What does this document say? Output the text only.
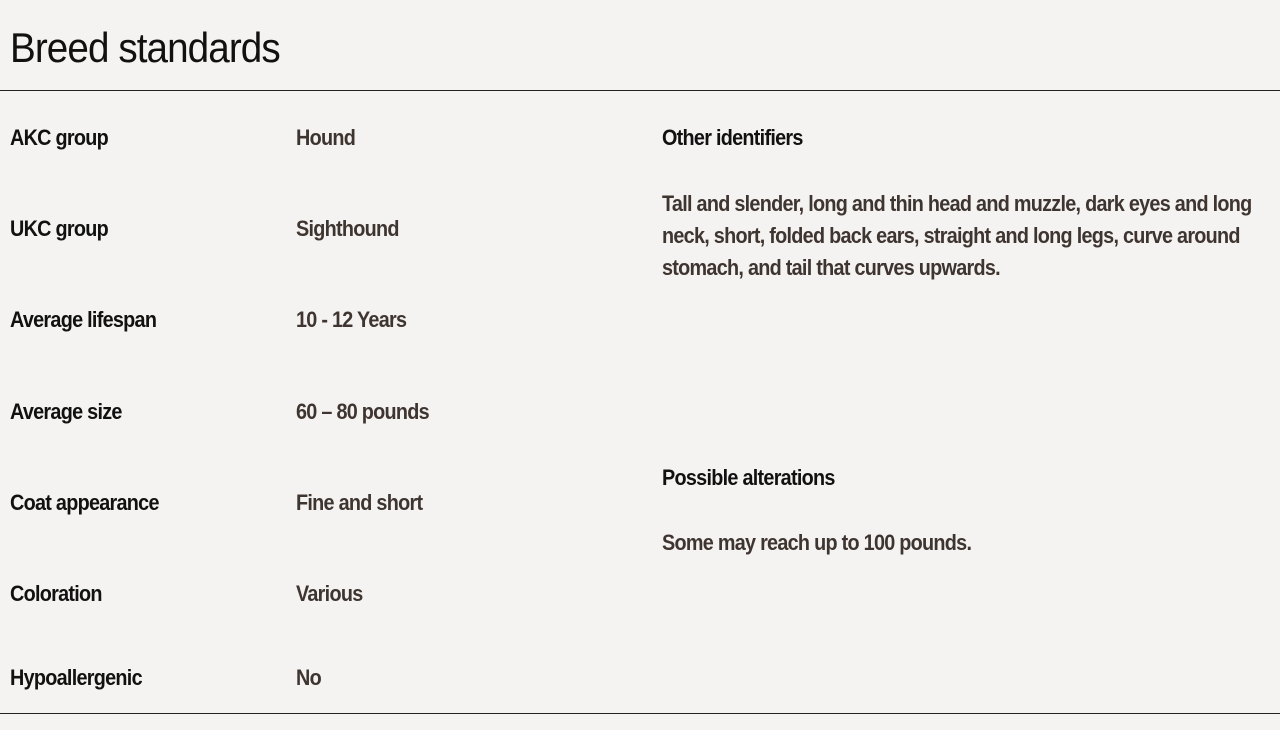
Breed standards
AKC group	Hound
UKC group	Sighthound
Average lifespan	10 - 12 Years
Average size	60 – 80 pounds
Coat appearance	Fine and short
Coloration	Various
Hypoallergenic	No
Other identifiers
Tall and slender, long and thin head and muzzle, dark eyes and long neck, short, folded back ears, straight and long legs, curve around stomach, and tail that curves upwards.
Possible alterations
Some may reach up to 100 pounds.
